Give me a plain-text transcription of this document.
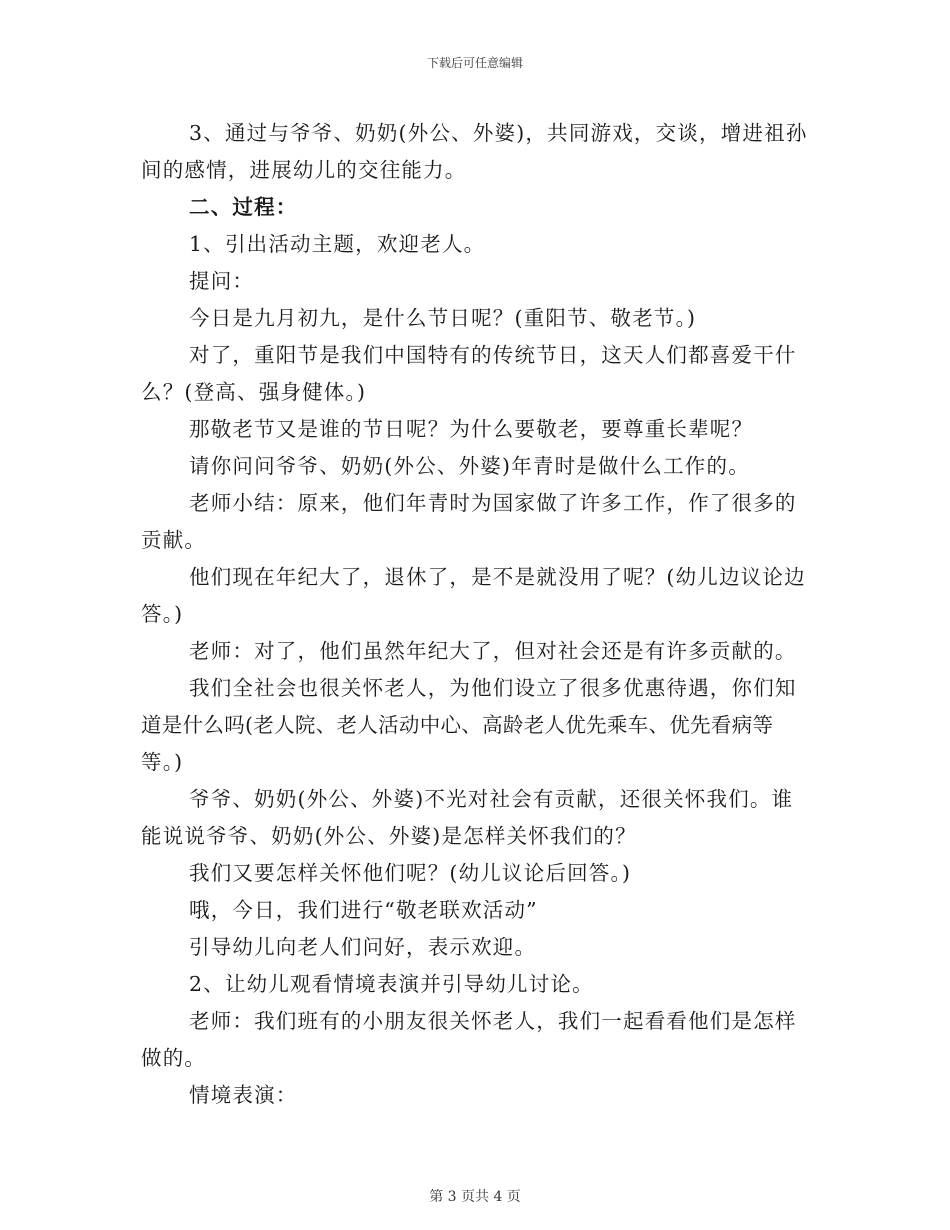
下载后可任意编辑
3、通过与爷爷、奶奶(外公、外婆)，共同游戏，交谈，增进祖孙
间的感情，进展幼儿的交往能力。
二、过程：
1、引出活动主题，欢迎老人。
提问：
今日是九月初九，是什么节日呢？(重阳节、敬老节。)
对了，重阳节是我们中国特有的传统节日，这天人们都喜爱干什
么？(登高、强身健体。)
那敬老节又是谁的节日呢？为什么要敬老，要尊重长辈呢？
请你问问爷爷、奶奶(外公、外婆)年青时是做什么工作的。
老师小结：原来，他们年青时为国家做了许多工作，作了很多的
贡献。
他们现在年纪大了，退休了，是不是就没用了呢？(幼儿边议论边
答。)
老师：对了，他们虽然年纪大了，但对社会还是有许多贡献的。
我们全社会也很关怀老人，为他们设立了很多优惠待遇，你们知
道是什么吗(老人院、老人活动中心、高龄老人优先乘车、优先看病等
等。)
爷爷、奶奶(外公、外婆)不光对社会有贡献，还很关怀我们。谁
能说说爷爷、奶奶(外公、外婆)是怎样关怀我们的？
我们又要怎样关怀他们呢？(幼儿议论后回答。)
哦，今日，我们进行“敬老联欢活动”
引导幼儿向老人们问好，表示欢迎。
2、让幼儿观看情境表演并引导幼儿讨论。
老师：我们班有的小朋友很关怀老人，我们一起看看他们是怎样
做的。
情境表演：
第 3 页共 4 页
